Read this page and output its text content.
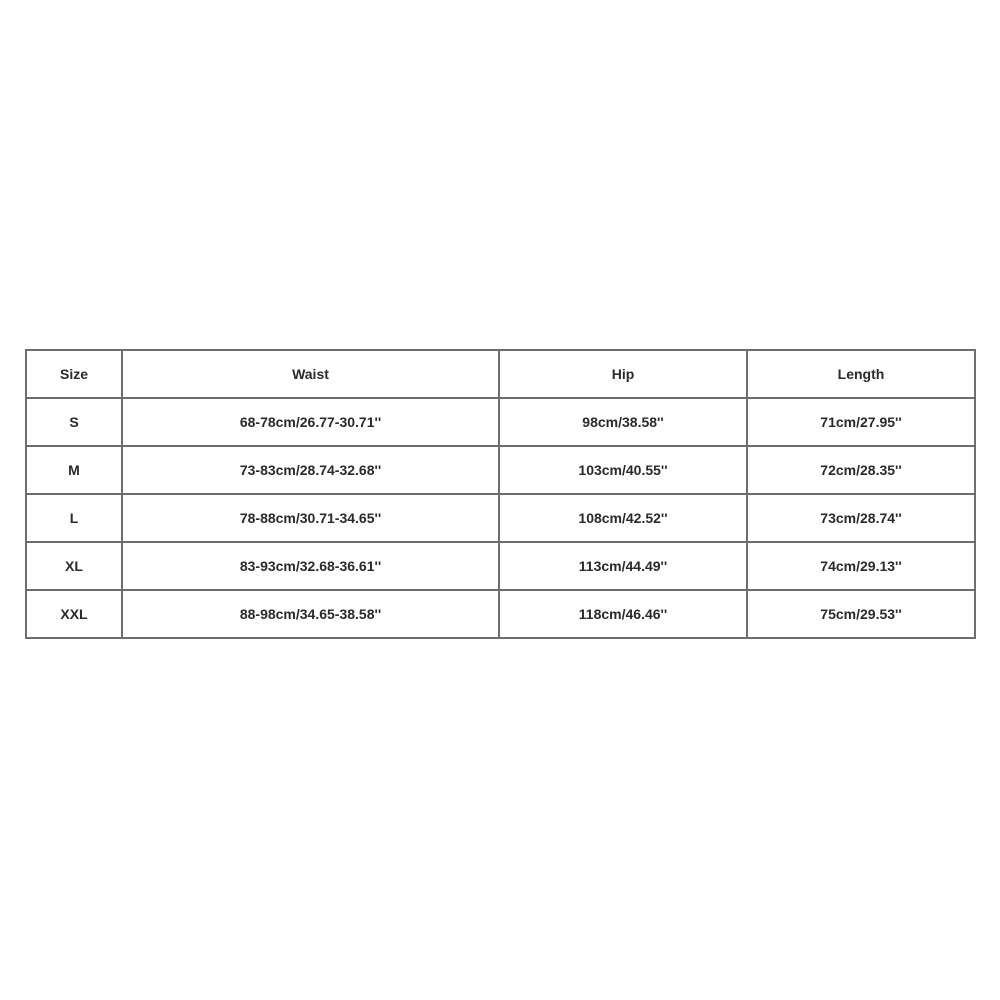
Size	Waist	Hip	Length
S	68-78cm/26.77-30.71''	98cm/38.58''	71cm/27.95''
M	73-83cm/28.74-32.68''	103cm/40.55''	72cm/28.35''
L	78-88cm/30.71-34.65''	108cm/42.52''	73cm/28.74''
XL	83-93cm/32.68-36.61''	113cm/44.49''	74cm/29.13''
XXL	88-98cm/34.65-38.58''	118cm/46.46''	75cm/29.53''
